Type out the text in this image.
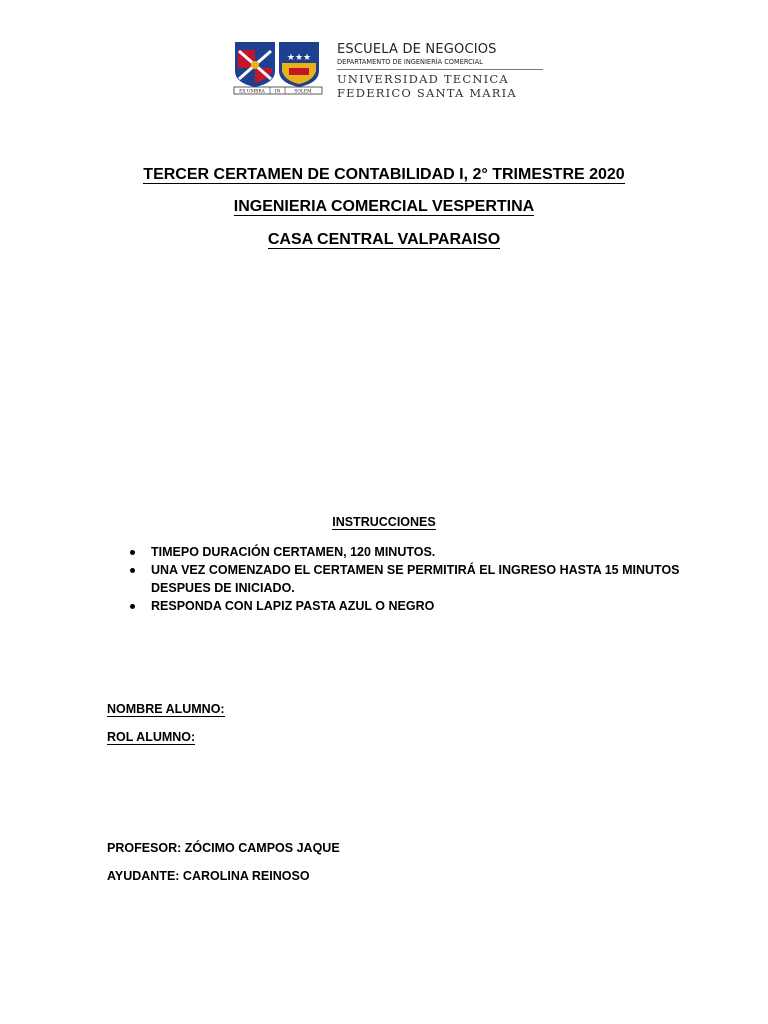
★★★
EX UMBRA IN	SOLEM
ESCUELA DE NEGOCIOS
DEPARTAMENTO DE INGENIERÍA COMERCIAL
UNIVERSIDAD TECNICA
FEDERICO SANTA MARIA
TERCER CERTAMEN DE CONTABILIDAD I, 2° TRIMESTRE 2020
INGENIERIA COMERCIAL VESPERTINA
CASA CENTRAL VALPARAISO
INSTRUCCIONES
TIMEPO DURACIÓN CERTAMEN, 120 MINUTOS.
UNA VEZ COMENZADO EL CERTAMEN SE PERMITIRÁ EL INGRESO HASTA 15 MINUTOS DESPUES DE INICIADO.
RESPONDA CON LAPIZ PASTA AZUL O NEGRO
NOMBRE ALUMNO:
ROL ALUMNO:
PROFESOR: ZÓCIMO CAMPOS JAQUE
AYUDANTE: CAROLINA REINOSO
